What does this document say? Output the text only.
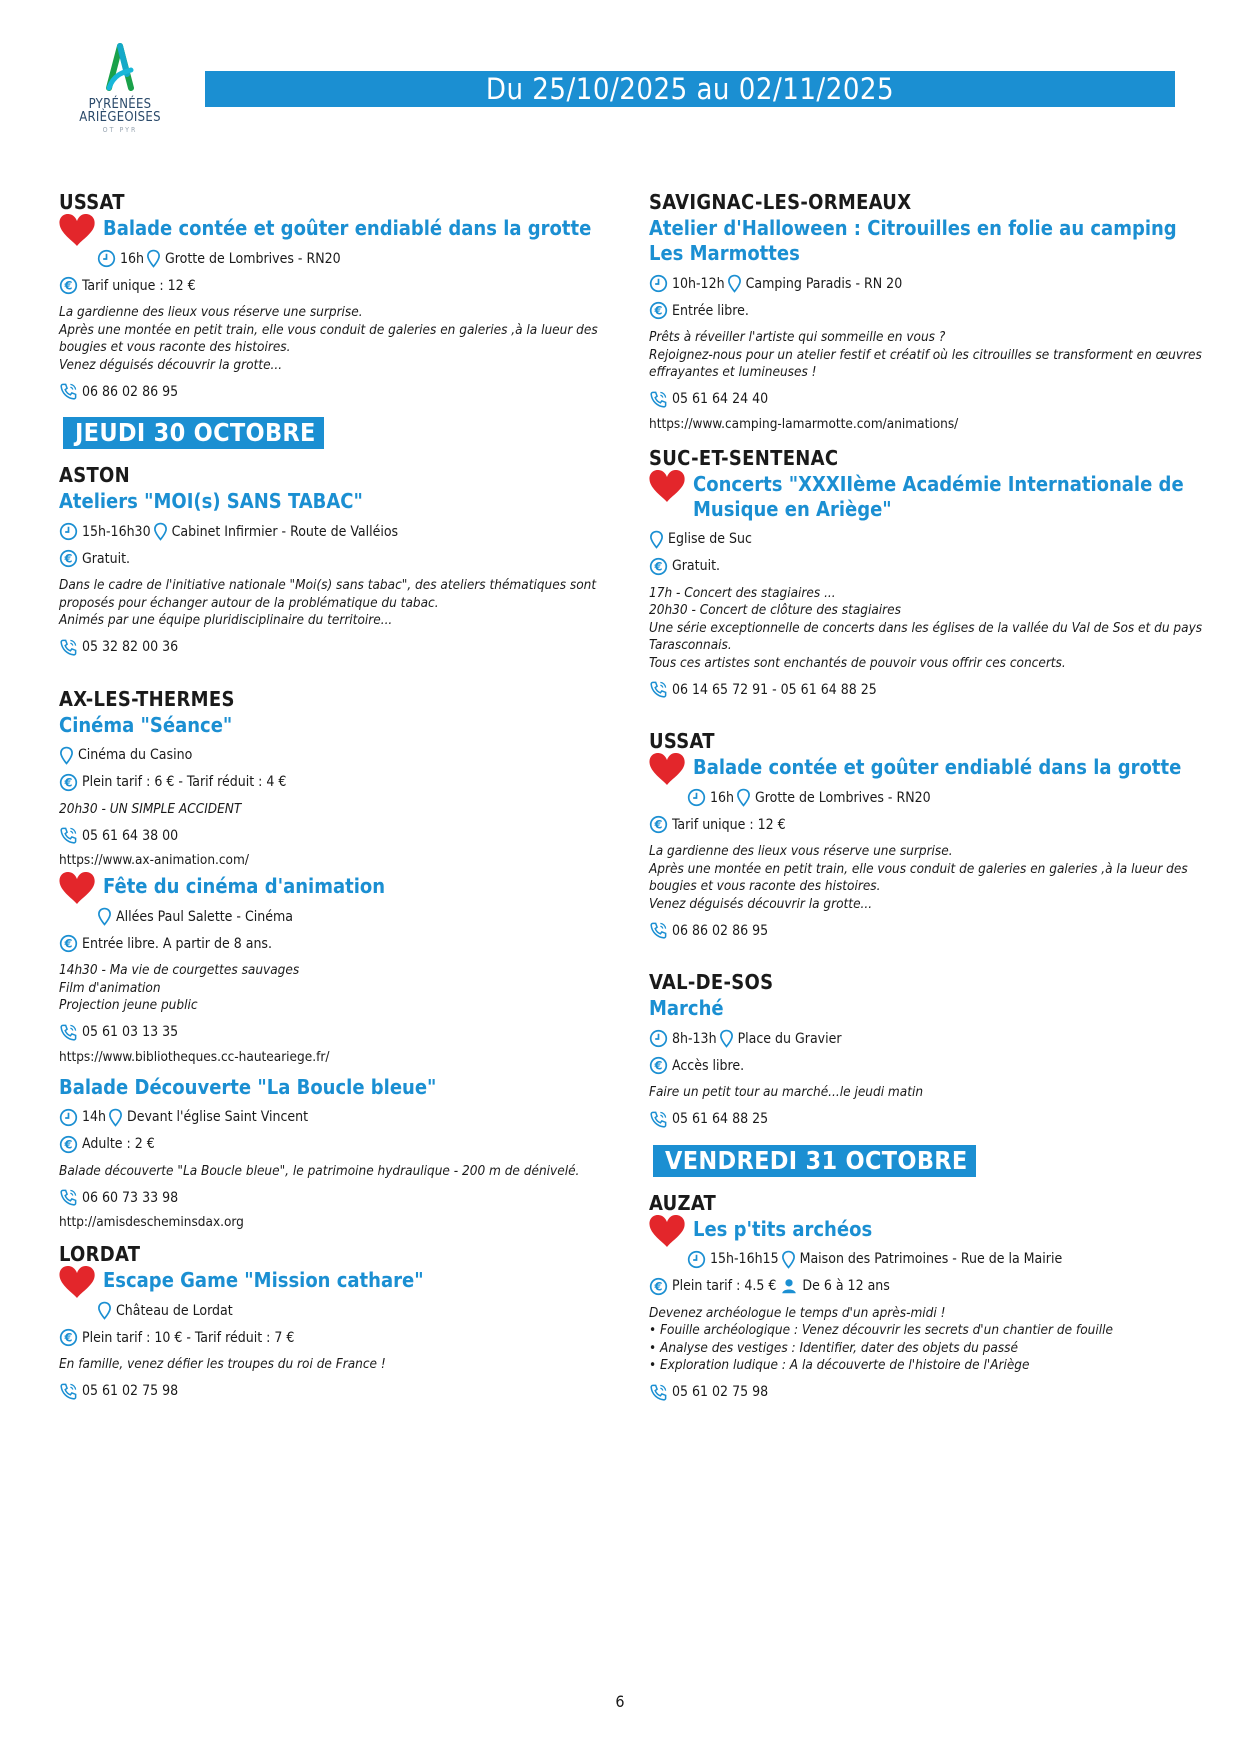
PYRÉNÉES
ARIÈGEOISES
OT PYR
Du 25/10/2025 au 02/11/2025
USSAT
Balade contée et goûter endiablé dans la grotte
16h Grotte de Lombrives - RN20
Tarif unique : 12 €
La gardienne des lieux vous réserve une surprise.
Après une montée en petit train, elle vous conduit de galeries en galeries ,à la lueur des bougies et vous raconte des histoires.
Venez déguisés découvrir la grotte...
06 86 02 86 95
JEUDI 30 OCTOBRE
ASTON
Ateliers "MOI(s) SANS TABAC"
15h-16h30 Cabinet Infirmier - Route de Valléios
Gratuit.
Dans le cadre de l'initiative nationale "Moi(s) sans tabac", des ateliers thématiques sont proposés pour échanger autour de la problématique du tabac.
Animés par une équipe pluridisciplinaire du territoire...
05 32 82 00 36
AX-LES-THERMES
Cinéma "Séance"
Cinéma du Casino
Plein tarif : 6 € - Tarif réduit : 4 €
20h30 - UN SIMPLE ACCIDENT
05 61 64 38 00
https://www.ax-animation.com/
Fête du cinéma d'animation
Allées Paul Salette - Cinéma
Entrée libre. A partir de 8 ans.
14h30 - Ma vie de courgettes sauvages
Film d'animation
Projection jeune public
05 61 03 13 35
https://www.bibliotheques.cc-hauteariege.fr/
Balade Découverte "La Boucle bleue"
14h Devant l'église Saint Vincent
Adulte : 2 €
Balade découverte "La Boucle bleue", le patrimoine hydraulique - 200 m de dénivelé.
06 60 73 33 98
http://amisdescheminsdax.org
LORDAT
Escape Game "Mission cathare"
Château de Lordat
Plein tarif : 10 € - Tarif réduit : 7 €
En famille, venez défier les troupes du roi de France !
05 61 02 75 98
SAVIGNAC-LES-ORMEAUX
Atelier d'Halloween : Citrouilles en folie au camping Les Marmottes
10h-12h Camping Paradis - RN 20
Entrée libre.
Prêts à réveiller l'artiste qui sommeille en vous ?
Rejoignez-nous pour un atelier festif et créatif où les citrouilles se transforment en œuvres effrayantes et lumineuses !
05 61 64 24 40
https://www.camping-lamarmotte.com/animations/
SUC-ET-SENTENAC
Concerts "XXXIIème Académie Internationale de Musique en Ariège"
Eglise de Suc
Gratuit.
17h - Concert des stagiaires ...
20h30 - Concert de clôture des stagiaires
Une série exceptionnelle de concerts dans les églises de la vallée du Val de Sos et du pays Tarasconnais.
Tous ces artistes sont enchantés de pouvoir vous offrir ces concerts.
06 14 65 72 91 - 05 61 64 88 25
USSAT
Balade contée et goûter endiablé dans la grotte
16h Grotte de Lombrives - RN20
Tarif unique : 12 €
La gardienne des lieux vous réserve une surprise.
Après une montée en petit train, elle vous conduit de galeries en galeries ,à la lueur des bougies et vous raconte des histoires.
Venez déguisés découvrir la grotte...
06 86 02 86 95
VAL-DE-SOS
Marché
8h-13h Place du Gravier
Accès libre.
Faire un petit tour au marché...le jeudi matin
05 61 64 88 25
VENDREDI 31 OCTOBRE
AUZAT
Les p'tits archéos
15h-16h15 Maison des Patrimoines - Rue de la Mairie
Plein tarif : 4.5 € De 6 à 12 ans
Devenez archéologue le temps d'un après-midi !
• Fouille archéologique : Venez découvrir les secrets d'un chantier de fouille
• Analyse des vestiges : Identifier, dater des objets du passé
• Exploration ludique : A la découverte de l'histoire de l'Ariège
05 61 02 75 98
6
